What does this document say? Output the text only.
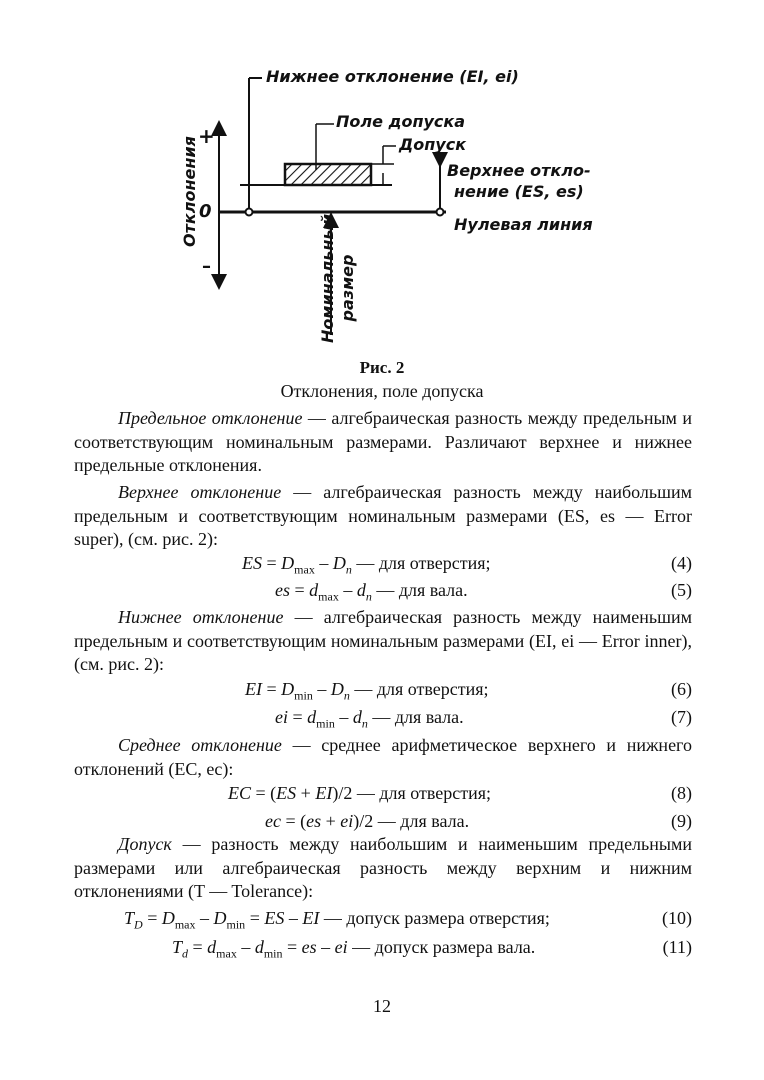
Нижнее отклонение (EI, ei)
Поле допуска
Допуск
Верхнее откло-
нение (ES, es)
Нулевая линия
+
0
–
Отклонения
Номинальный размер
Рис. 2
Отклонения, поле допуска
Предельное отклонение — алгебраическая разность между предельным и соответствующим номинальным размерами. Различают верхнее и нижнее предельные отклонения.
Верхнее отклонение — алгебраическая разность между наибольшим предельным и соответствующим номинальным размерами (ES, es — Error super), (см. рис. 2):
ES = $D_{max} - D_n$ — для отверстия;	(4)
es = $d_{max} - d_n$ — для вала.	(5)
Нижнее отклонение — алгебраическая разность между наименьшим предельным и соответствующим номинальным размерами (EI, ei — Error inner), (см. рис. 2):
EI = $D_{min} - D_n$ — для отверстия;	(6)
ei = $d_{min} - d_n$ — для вала.	(7)
Среднее отклонение — среднее арифметическое верхнего и нижнего отклонений (EC, ec):
EC = (ES + EI)/2 — для отверстия;	(8)
ec = (es + ei)/2 — для вала.	(9)
Допуск — разность между наибольшим и наименьшим предельными размерами или алгебраическая разность между верхним и нижним отклонениями (T — Tolerance):
$T_D = D_{max} - D_{min}$ = ES – EI — допуск размера отверстия;	(10)
$T_d = d_{max} - d_{min}$ = es – ei — допуск размера вала.	(11)
12
